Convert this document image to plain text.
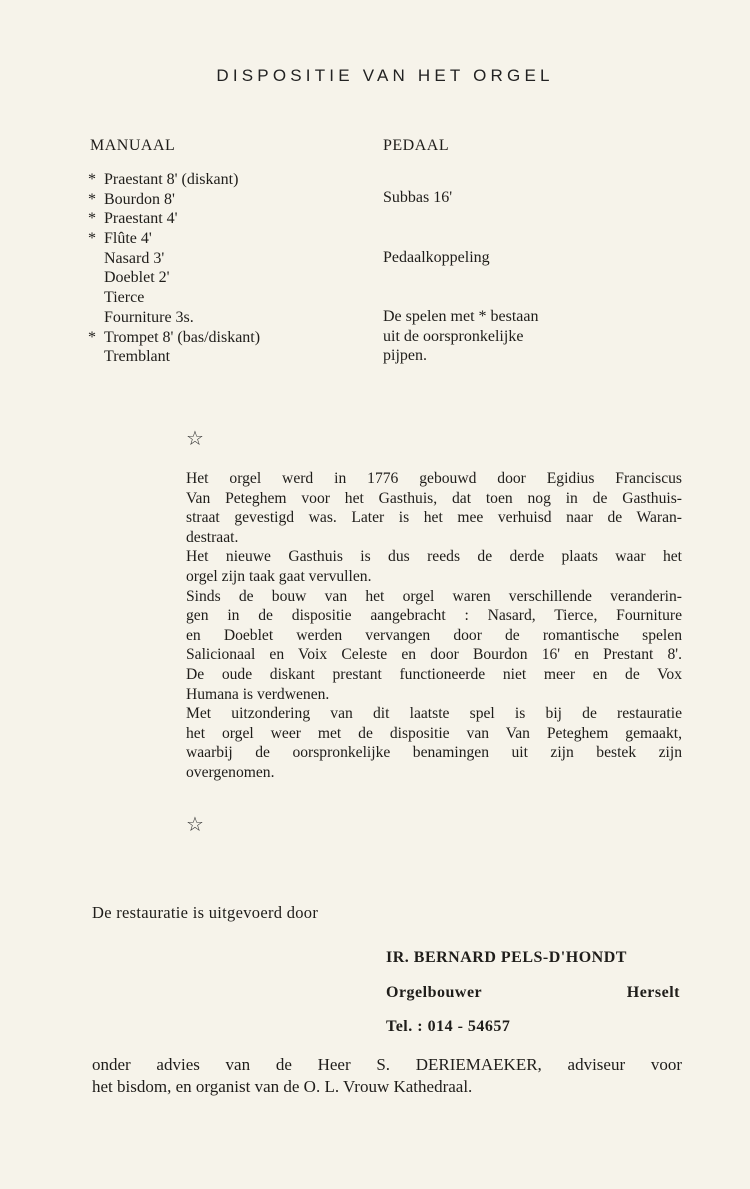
DISPOSITIE VAN HET ORGEL
MANUAAL	PEDAAL
* Praestant 8' (diskant)
* Bourdon 8'
* Praestant 4'
* Flûte 4'
Nasard 3'
Doeblet 2'
Tierce
Fourniture 3s.
* Trompet 8' (bas/diskant)
Tremblant
Subbas 16'
Pedaalkoppeling
De spelen met * bestaan
uit de oorspronkelijke
pijpen.
☆
Het orgel werd in 1776 gebouwd door Egidius Franciscus
Van Peteghem voor het Gasthuis, dat toen nog in de Gasthuis-
straat gevestigd was. Later is het mee verhuisd naar de Waran-
destraat.
Het nieuwe Gasthuis is dus reeds de derde plaats waar het
orgel zijn taak gaat vervullen.
Sinds de bouw van het orgel waren verschillende veranderin-
gen in de dispositie aangebracht : Nasard, Tierce, Fourniture
en Doeblet werden vervangen door de romantische spelen
Salicionaal en Voix Celeste en door Bourdon 16' en Prestant 8'.
De oude diskant prestant functioneerde niet meer en de Vox
Humana is verdwenen.
Met uitzondering van dit laatste spel is bij de restauratie
het orgel weer met de dispositie van Van Peteghem gemaakt,
waarbij de oorspronkelijke benamingen uit zijn bestek zijn
overgenomen.
☆
De restauratie is uitgevoerd door
IR. BERNARD PELS-D'HONDT
Orgelbouwer	Herselt
Tel. : 014 - 54657
onder advies van de Heer S. DERIEMAEKER, adviseur voor
het bisdom, en organist van de O. L. Vrouw Kathedraal.
